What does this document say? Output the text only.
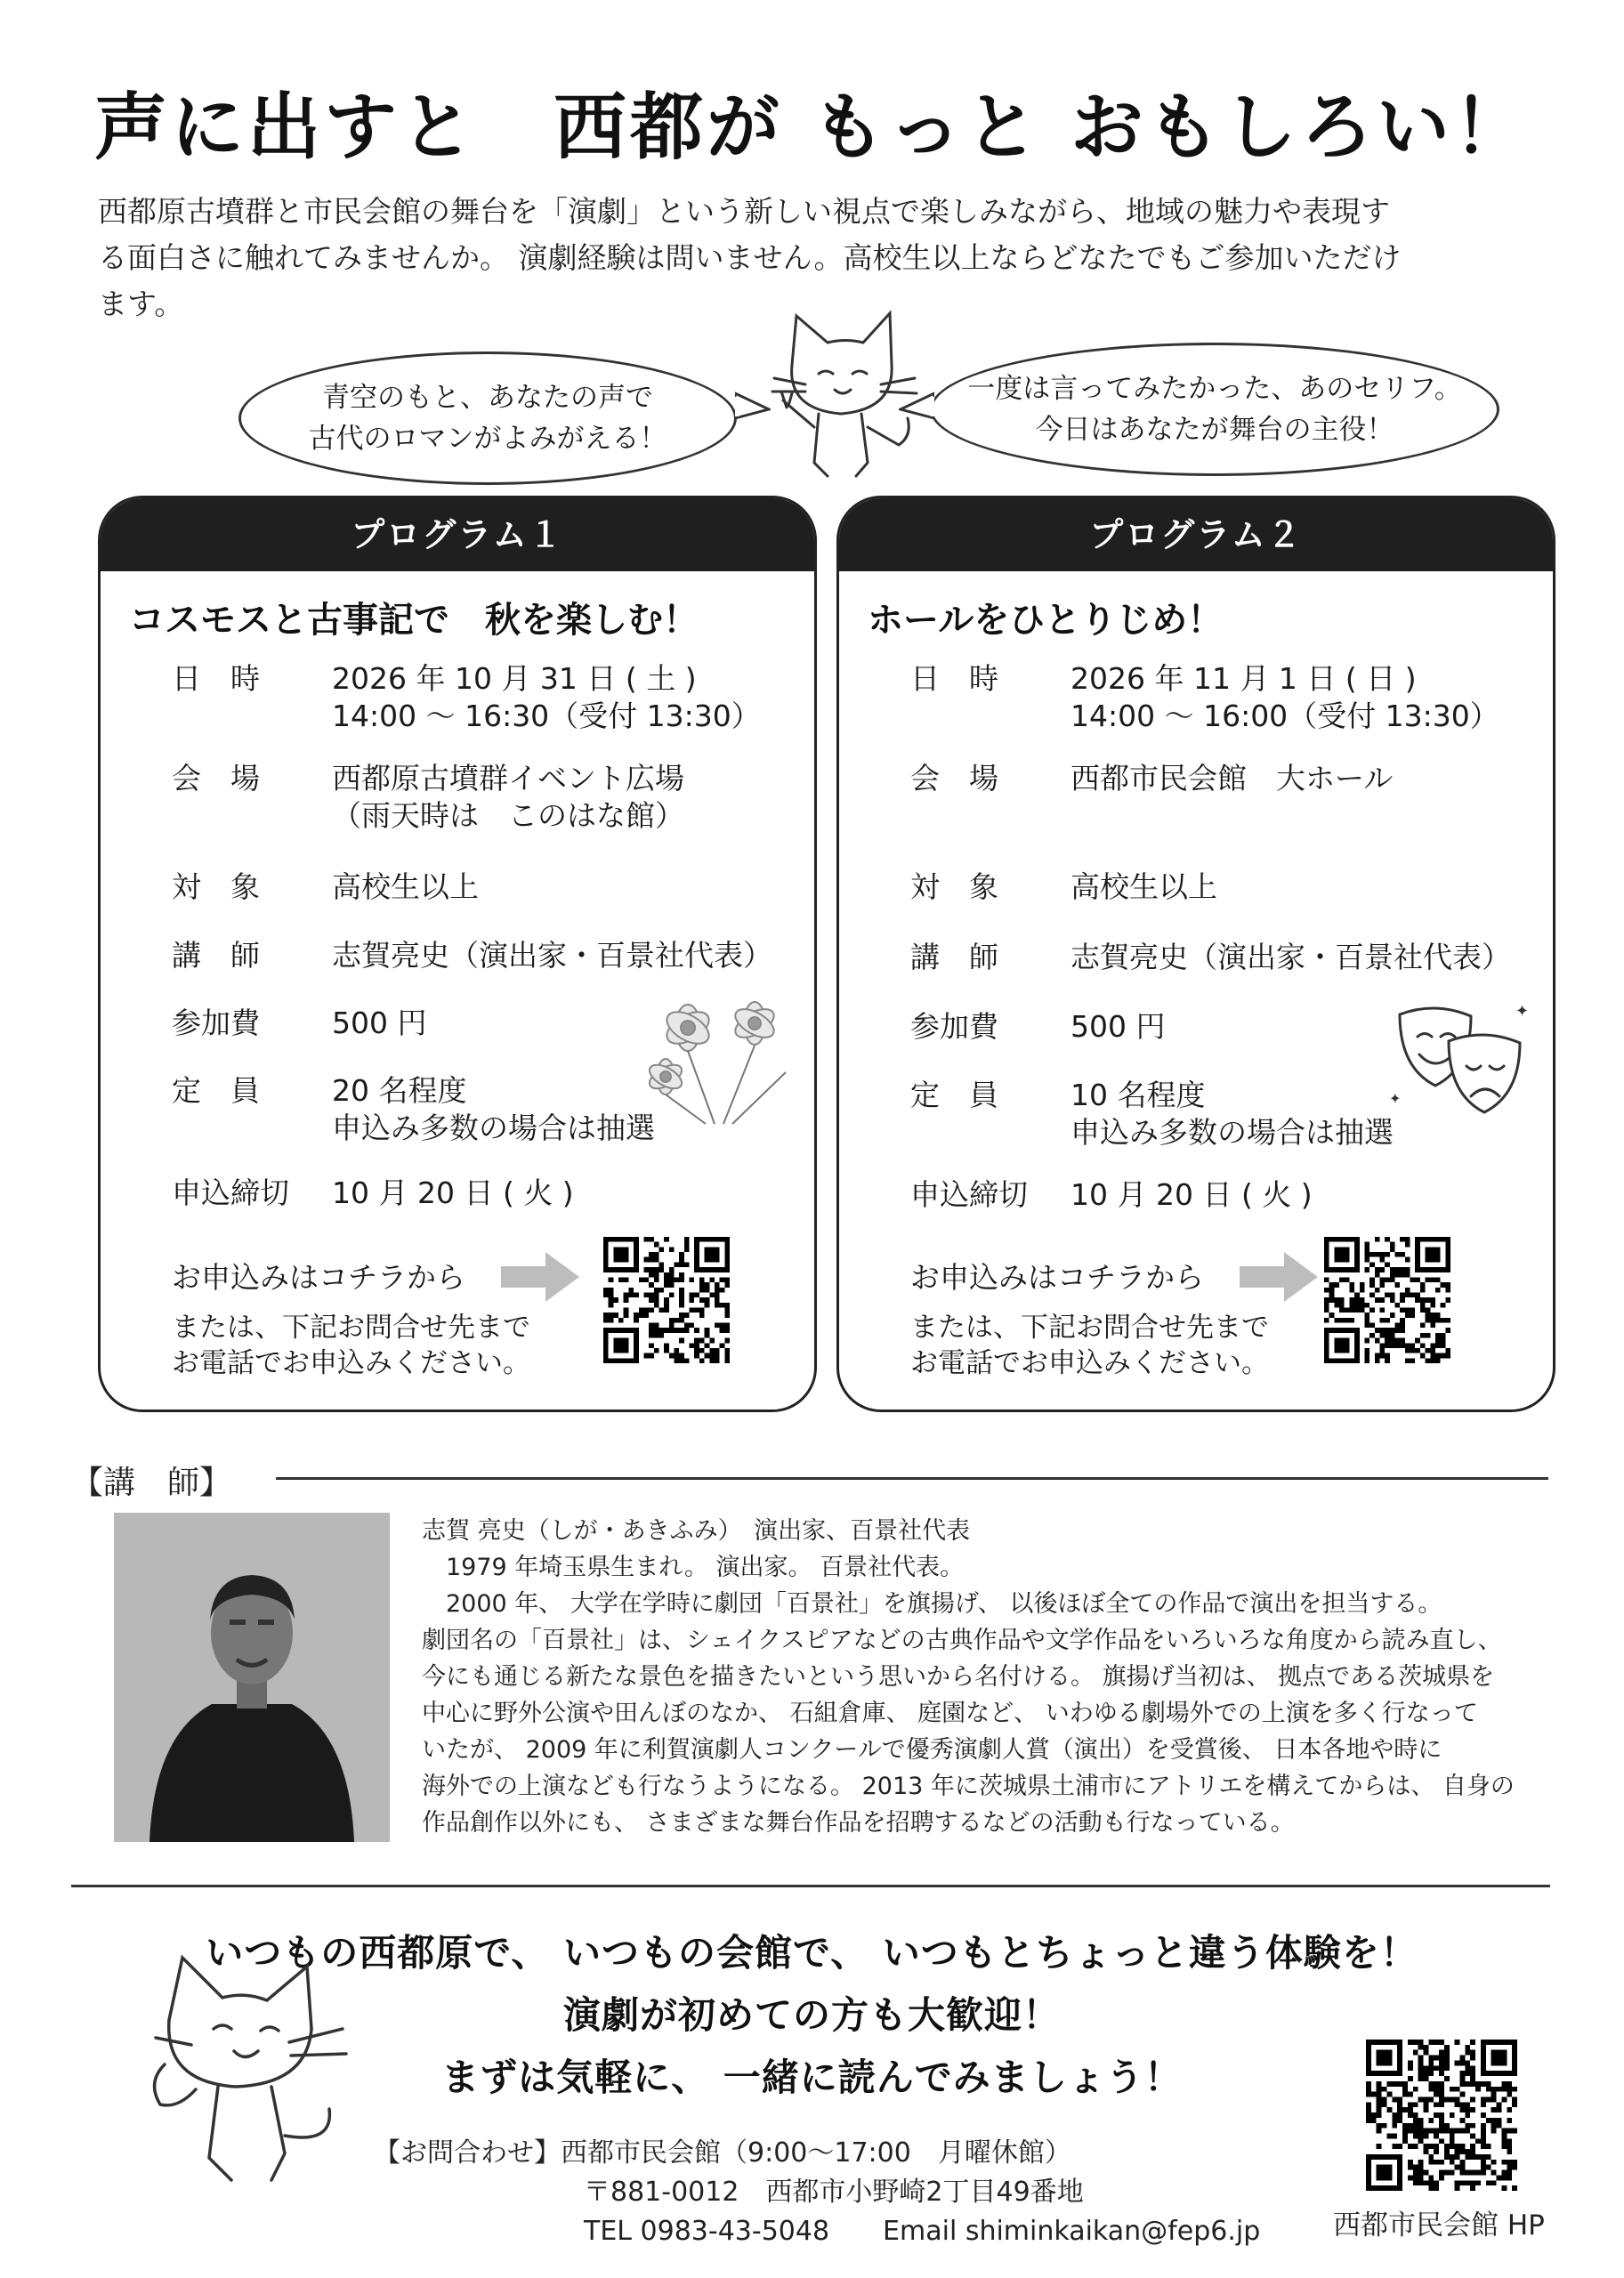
声に出すと　西都が もっと おもしろい！
西都原古墳群と市民会館の舞台を「演劇」という新しい視点で楽しみながら、地域の魅力や表現す
る面白さに触れてみませんか。 演劇経験は問いません。高校生以上ならどなたでもご参加いただけ
ます。
青空のもと、あなたの声で
古代のロマンがよみがえる！
一度は言ってみたかった、あのセリフ。
今日はあなたが舞台の主役！
プログラム１
コスモスと古事記で　秋を楽しむ！
日　時	2026 年 10 月 31 日 ( 土 )
14:00 ～ 16:30（受付 13:30）
会　場	西都原古墳群イベント広場
（雨天時は　このはな館）
対　象	高校生以上
講　師	志賀亮史（演出家・百景社代表）
参加費	500 円
定　員	20 名程度
申込み多数の場合は抽選
申込締切	10 月 20 日 ( 火 )
お申込みはコチラから
または、下記お問合せ先まで
お電話でお申込みください。
プログラム２
ホールをひとりじめ！
日　時	2026 年 11 月 1 日 ( 日 )
14:00 ～ 16:00（受付 13:30）
会　場	西都市民会館　大ホール
対　象	高校生以上
講　師	志賀亮史（演出家・百景社代表）
参加費	500 円
定　員	10 名程度
申込み多数の場合は抽選
申込締切	10 月 20 日 ( 火 )
✦
✦
お申込みはコチラから
または、下記お問合せ先まで
お電話でお申込みください。
【講　師】

志賀 亮史（しが・あきふみ）　演出家、百景社代表

　1979 年埼玉県生まれ。 演出家。 百景社代表。

　2000 年、 大学在学時に劇団「百景社」を旗揚げ、 以後ほぼ全ての作品で演出を担当する。

劇団名の「百景社」は、シェイクスピアなどの古典作品や文学作品をいろいろな角度から読み直し、

今にも通じる新たな景色を描きたいという思いから名付ける。 旗揚げ当初は、 拠点である茨城県を

中心に野外公演や田んぼのなか、 石組倉庫、 庭園など、 いわゆる劇場外での上演を多く行なって

いたが、 2009 年に利賀演劇人コンクールで優秀演劇人賞（演出）を受賞後、 日本各地や時に

海外での上演なども行なうようになる。 2013 年に茨城県土浦市にアトリエを構えてからは、 自身の

作品創作以外にも、 さまざまな舞台作品を招聘するなどの活動も行なっている。

いつもの西都原で、 いつもの会館で、 いつもとちょっと違う体験を！
演劇が初めての方も大歓迎！
まずは気軽に、 一緒に読んでみましょう！

【お問合わせ】西都市民会館（9:00～17:00　月曜休館）

〒881-0012　西都市小野崎2丁目49番地

TEL 0983-43-5048　　Email shiminkaikan@fep6.jp	西都市民会館 HP
